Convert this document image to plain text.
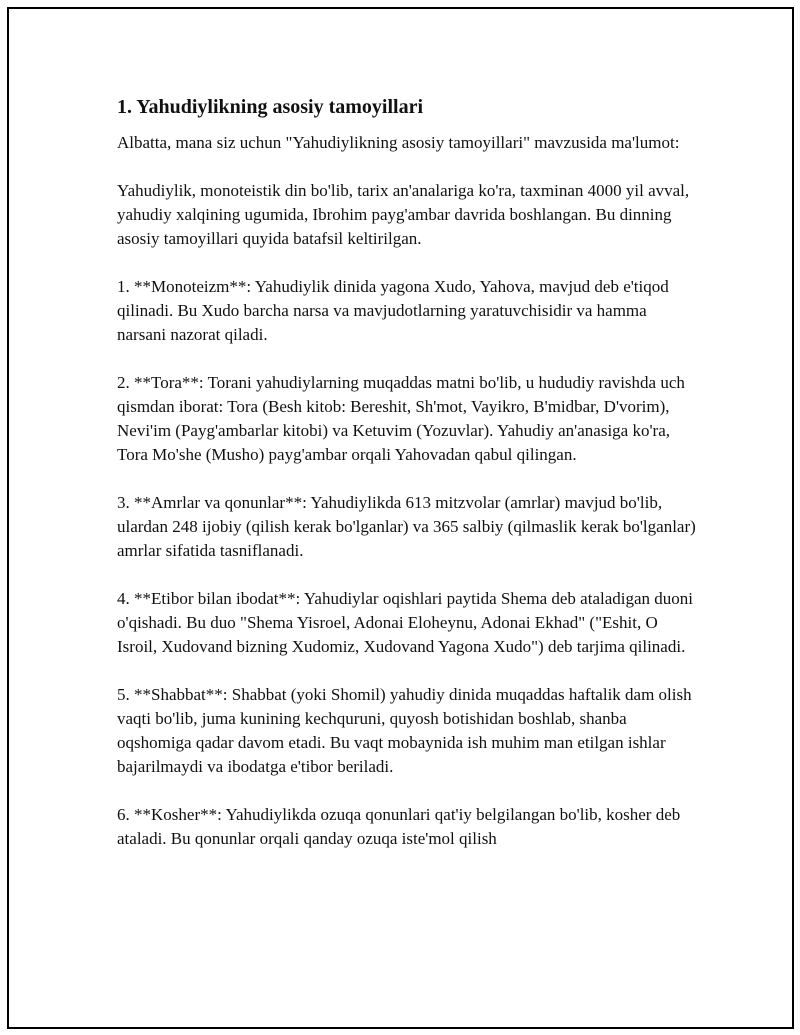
1. Yahudiylikning asosiy tamoyillari

Albatta, mana siz uchun "Yahudiylikning asosiy tamoyillari" mavzusida ma'lumot:

Yahudiylik, monoteistik din bo'lib, tarix an'analariga ko'ra, taxminan 4000 yil avval, yahudiy xalqining ugumida, Ibrohim payg'ambar davrida boshlangan. Bu dinning asosiy tamoyillari quyida batafsil keltirilgan.

1. **Monoteizm**: Yahudiylik dinida yagona Xudo, Yahova, mavjud deb e'tiqod qilinadi. Bu Xudo barcha narsa va mavjudotlarning yaratuvchisidir va hamma narsani nazorat qiladi.

2. **Tora**: Torani yahudiylarning muqaddas matni bo'lib, u hududiy ravishda uch qismdan iborat: Tora (Besh kitob: Bereshit, Sh'mot, Vayikro, B'midbar, D'vorim), Nevi'im (Payg'ambarlar kitobi) va Ketuvim (Yozuvlar). Yahudiy an'anasiga ko'ra, Tora Mo'she (Musho) payg'ambar orqali Yahovadan qabul qilingan.

3. **Amrlar va qonunlar**: Yahudiylikda 613 mitzvolar (amrlar) mavjud bo'lib, ulardan 248 ijobiy (qilish kerak bo'lganlar) va 365 salbiy (qilmaslik kerak bo'lganlar) amrlar sifatida tasniflanadi.

4. **Etibor bilan ibodat**: Yahudiylar oqishlari paytida Shema deb ataladigan duoni o'qishadi. Bu duo "Shema Yisroel, Adonai Eloheynu, Adonai Ekhad" ("Eshit, O Isroil, Xudovand bizning Xudomiz, Xudovand Yagona Xudo") deb tarjima qilinadi.

5. **Shabbat**: Shabbat (yoki Shomil) yahudiy dinida muqaddas haftalik dam olish vaqti bo'lib, juma kunining kechquruni, quyosh botishidan boshlab, shanba oqshomiga qadar davom etadi. Bu vaqt mobaynida ish muhim man etilgan ishlar bajarilmaydi va ibodatga e'tibor beriladi.

6. **Kosher**: Yahudiylikda ozuqa qonunlari qat'iy belgilangan bo'lib, kosher deb ataladi. Bu qonunlar orqali qanday ozuqa iste'mol qilish
